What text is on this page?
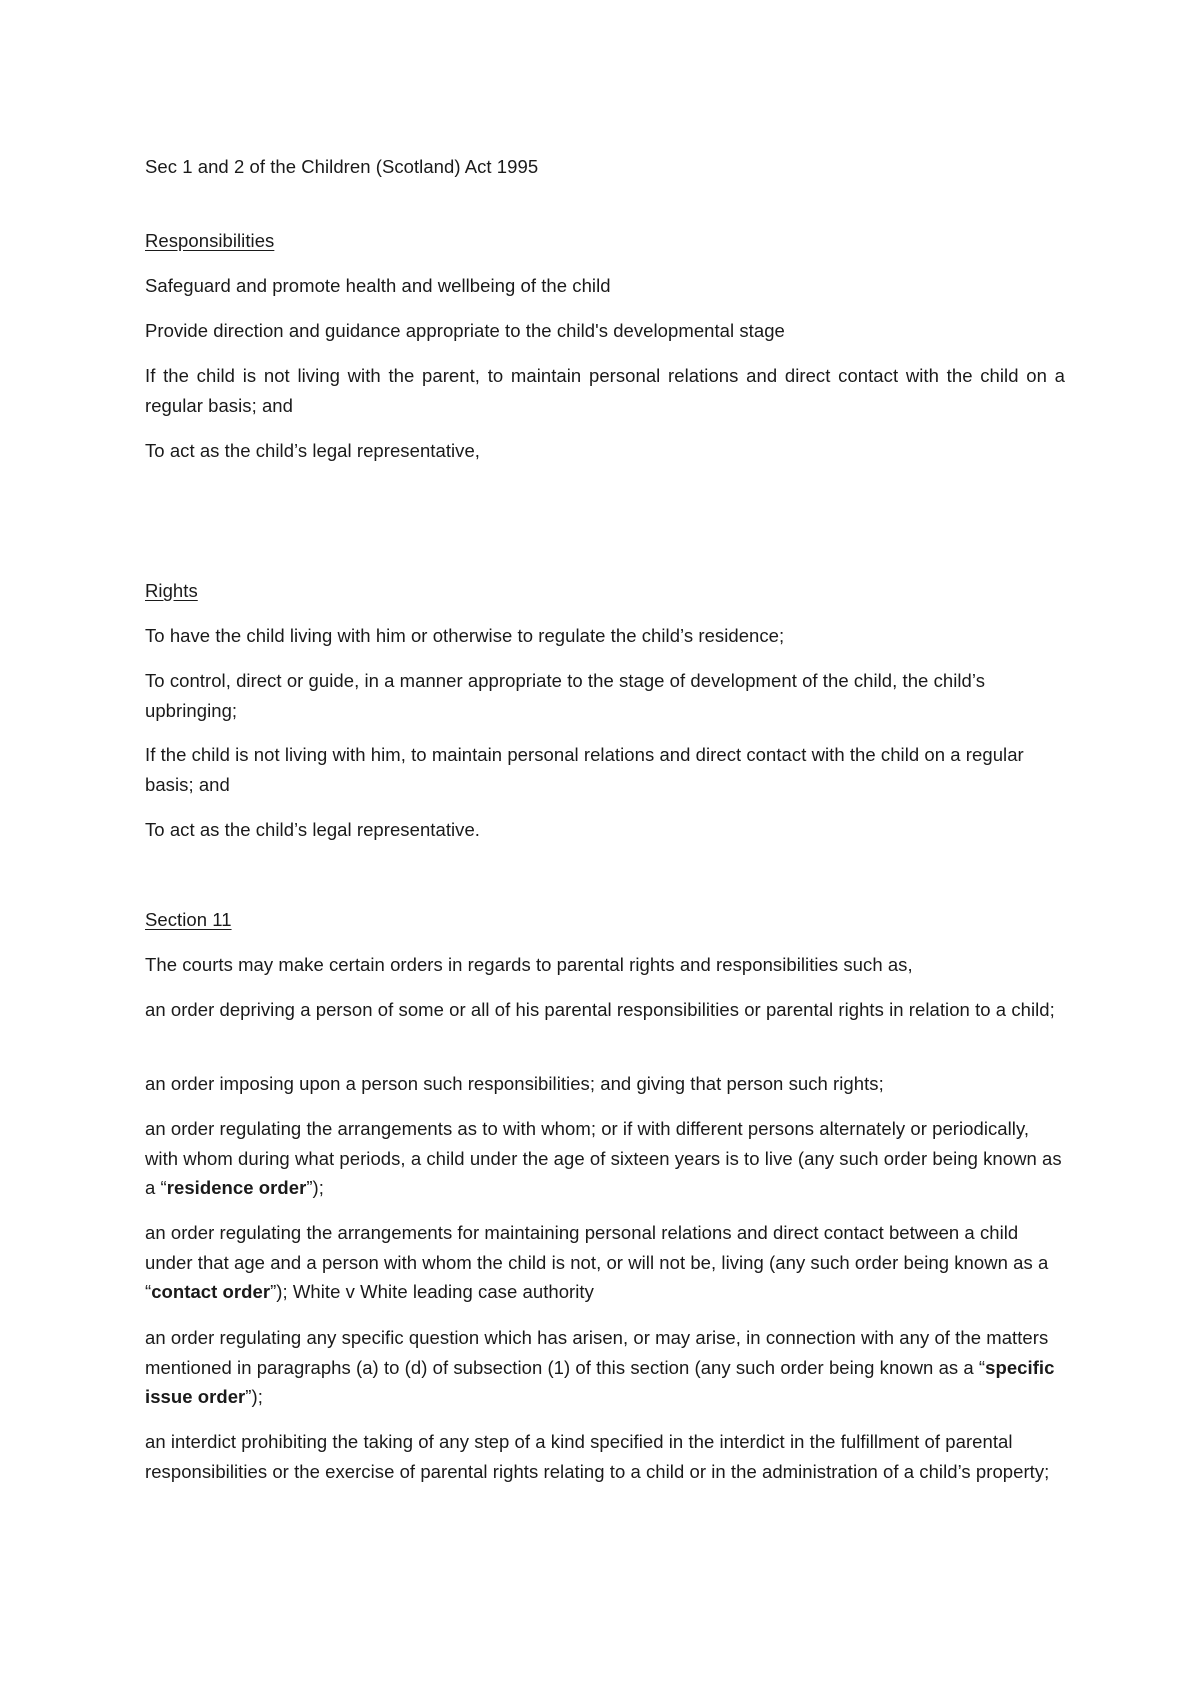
Sec 1 and 2 of the Children (Scotland) Act 1995
Responsibilities
Safeguard and promote health and wellbeing of the child
Provide direction and guidance appropriate to the child's developmental stage
If the child is not living with the parent, to maintain personal relations and direct contact with the child on a regular basis; and
To act as the child’s legal representative,
Rights
To have the child living with him or otherwise to regulate the child’s residence;
To control, direct or guide, in a manner appropriate to the stage of development of the child, the child’s upbringing;
If the child is not living with him, to maintain personal relations and direct contact with the child on a regular basis; and
To act as the child’s legal representative.
Section 11
The courts may make certain orders in regards to parental rights and responsibilities such as,
an order depriving a person of some or all of his parental responsibilities or parental rights in relation to a child;
an order imposing upon a person such responsibilities; and giving that person such rights;
an order regulating the arrangements as to with whom; or if with different persons alternately or periodically, with whom during what periods, a child under the age of sixteen years is to live (any such order being known as a “residence order”);
an order regulating the arrangements for maintaining personal relations and direct contact between a child under that age and a person with whom the child is not, or will not be, living (any such order being known as a “contact order”); White v White leading case authority
an order regulating any specific question which has arisen, or may arise, in connection with any of the matters mentioned in paragraphs (a) to (d) of subsection (1) of this section (any such order being known as a “specific issue order”);
an interdict prohibiting the taking of any step of a kind specified in the interdict in the fulfillment of parental responsibilities or the exercise of parental rights relating to a child or in the administration of a child’s property;
